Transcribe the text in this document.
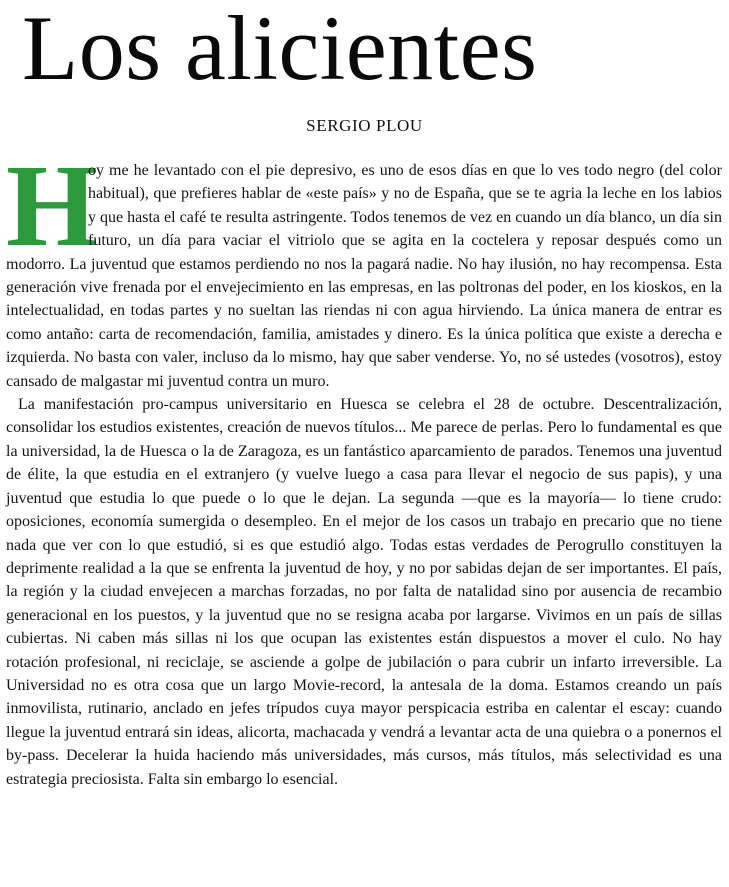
Los alicientes
SERGIO PLOU

H
oy me he levantado con el pie depresivo, es uno de esos días en que lo ves todo negro (del color habitual), que prefieres hablar de «este país» y no de España, que se te agria la leche en los labios y que hasta el café te resulta astringente. Todos tenemos de vez en cuando un día blanco, un día sin futuro, un día para vaciar el vitriolo que se agita en la coctelera y reposar después como un modorro. La juventud que estamos perdiendo no nos la pagará nadie. No hay ilusión, no hay recompensa. Esta generación vive frenada por el envejecimiento en las empresas, en las poltronas del poder, en los kioskos, en la intelectualidad, en todas partes y no sueltan las riendas ni con agua hirviendo. La única manera de entrar es como antaño: carta de recomendación, familia, amistades y dinero. Es la única política que existe a derecha e izquierda. No basta con valer, incluso da lo mismo, hay que saber venderse. Yo, no sé ustedes (vosotros), estoy cansado de malgastar mi juventud contra un muro.

La manifestación pro-campus universitario en Huesca se celebra el 28 de octubre. Descentralización, consolidar los estudios existentes, creación de nuevos títulos... Me parece de perlas. Pero lo fundamental es que la universidad, la de Huesca o la de Zaragoza, es un fantástico aparcamiento de parados. Tenemos una juventud de élite, la que estudia en el extranjero (y vuelve luego a casa para llevar el negocio de sus papis), y una juventud que estudia lo que puede o lo que le dejan. La segunda —que es la mayoría— lo tiene crudo: oposiciones, economía sumergida o desempleo. En el mejor de los casos un trabajo en precario que no tiene nada que ver con lo que estudió, si es que estudió algo. Todas estas verdades de Perogrullo constituyen la deprimente realidad a la que se enfrenta la juventud de hoy, y no por sabidas dejan de ser importantes. El país, la región y la ciudad envejecen a marchas forzadas, no por falta de natalidad sino por ausencia de recambio generacional en los puestos, y la juventud que no se resigna acaba por largarse. Vivimos en un país de sillas cubiertas. Ni caben más sillas ni los que ocupan las existentes están dispuestos a mover el culo. No hay rotación profesional, ni reciclaje, se asciende a golpe de jubilación o para cubrir un infarto irreversible. La Universidad no es otra cosa que un largo Movie-record, la antesala de la doma. Estamos creando un país inmovilista, rutinario, anclado en jefes trípudos cuya mayor perspicacia estriba en calentar el escay: cuando llegue la juventud entrará sin ideas, alicorta, machacada y vendrá a levantar acta de una quiebra o a ponernos el by-pass. Decelerar la huida haciendo más universidades, más cursos, más títulos, más selectividad es una estrategia preciosista. Falta sin embargo lo esencial.
